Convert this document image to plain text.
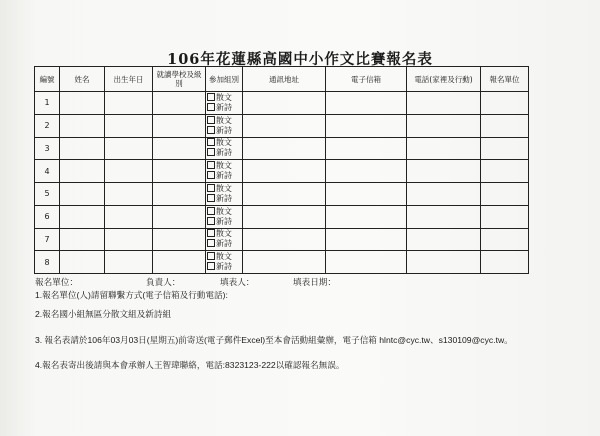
106年花蓮縣高國中小作文比賽報名表
編號	姓名	出生年日	就讀學校及級別	參加組別	通訊地址	電子信箱	電話(家裡及行動)	報名單位
1				散文
新詩				

2				散文
新詩				

3				散文
新詩				

4				散文
新詩				

5				散文
新詩				

6				散文
新詩				

7				散文
新詩				

8				散文
新詩				

報名單位：	負責人：	填表人：	填表日期：
1.報名單位(人)請留聯繫方式(電子信箱及行動電話):
2.報名國小組無區分散文組及新詩組
3. 報名表請於106年03月03日(星期五)前寄送(電子郵件Excel)至本會活動組彙辦，電子信箱 hlntc@cyc.tw、s130109@cyc.tw。
4.報名表寄出後請與本會承辦人王智瑋聯絡，電話:8323123-222以確認報名無誤。
